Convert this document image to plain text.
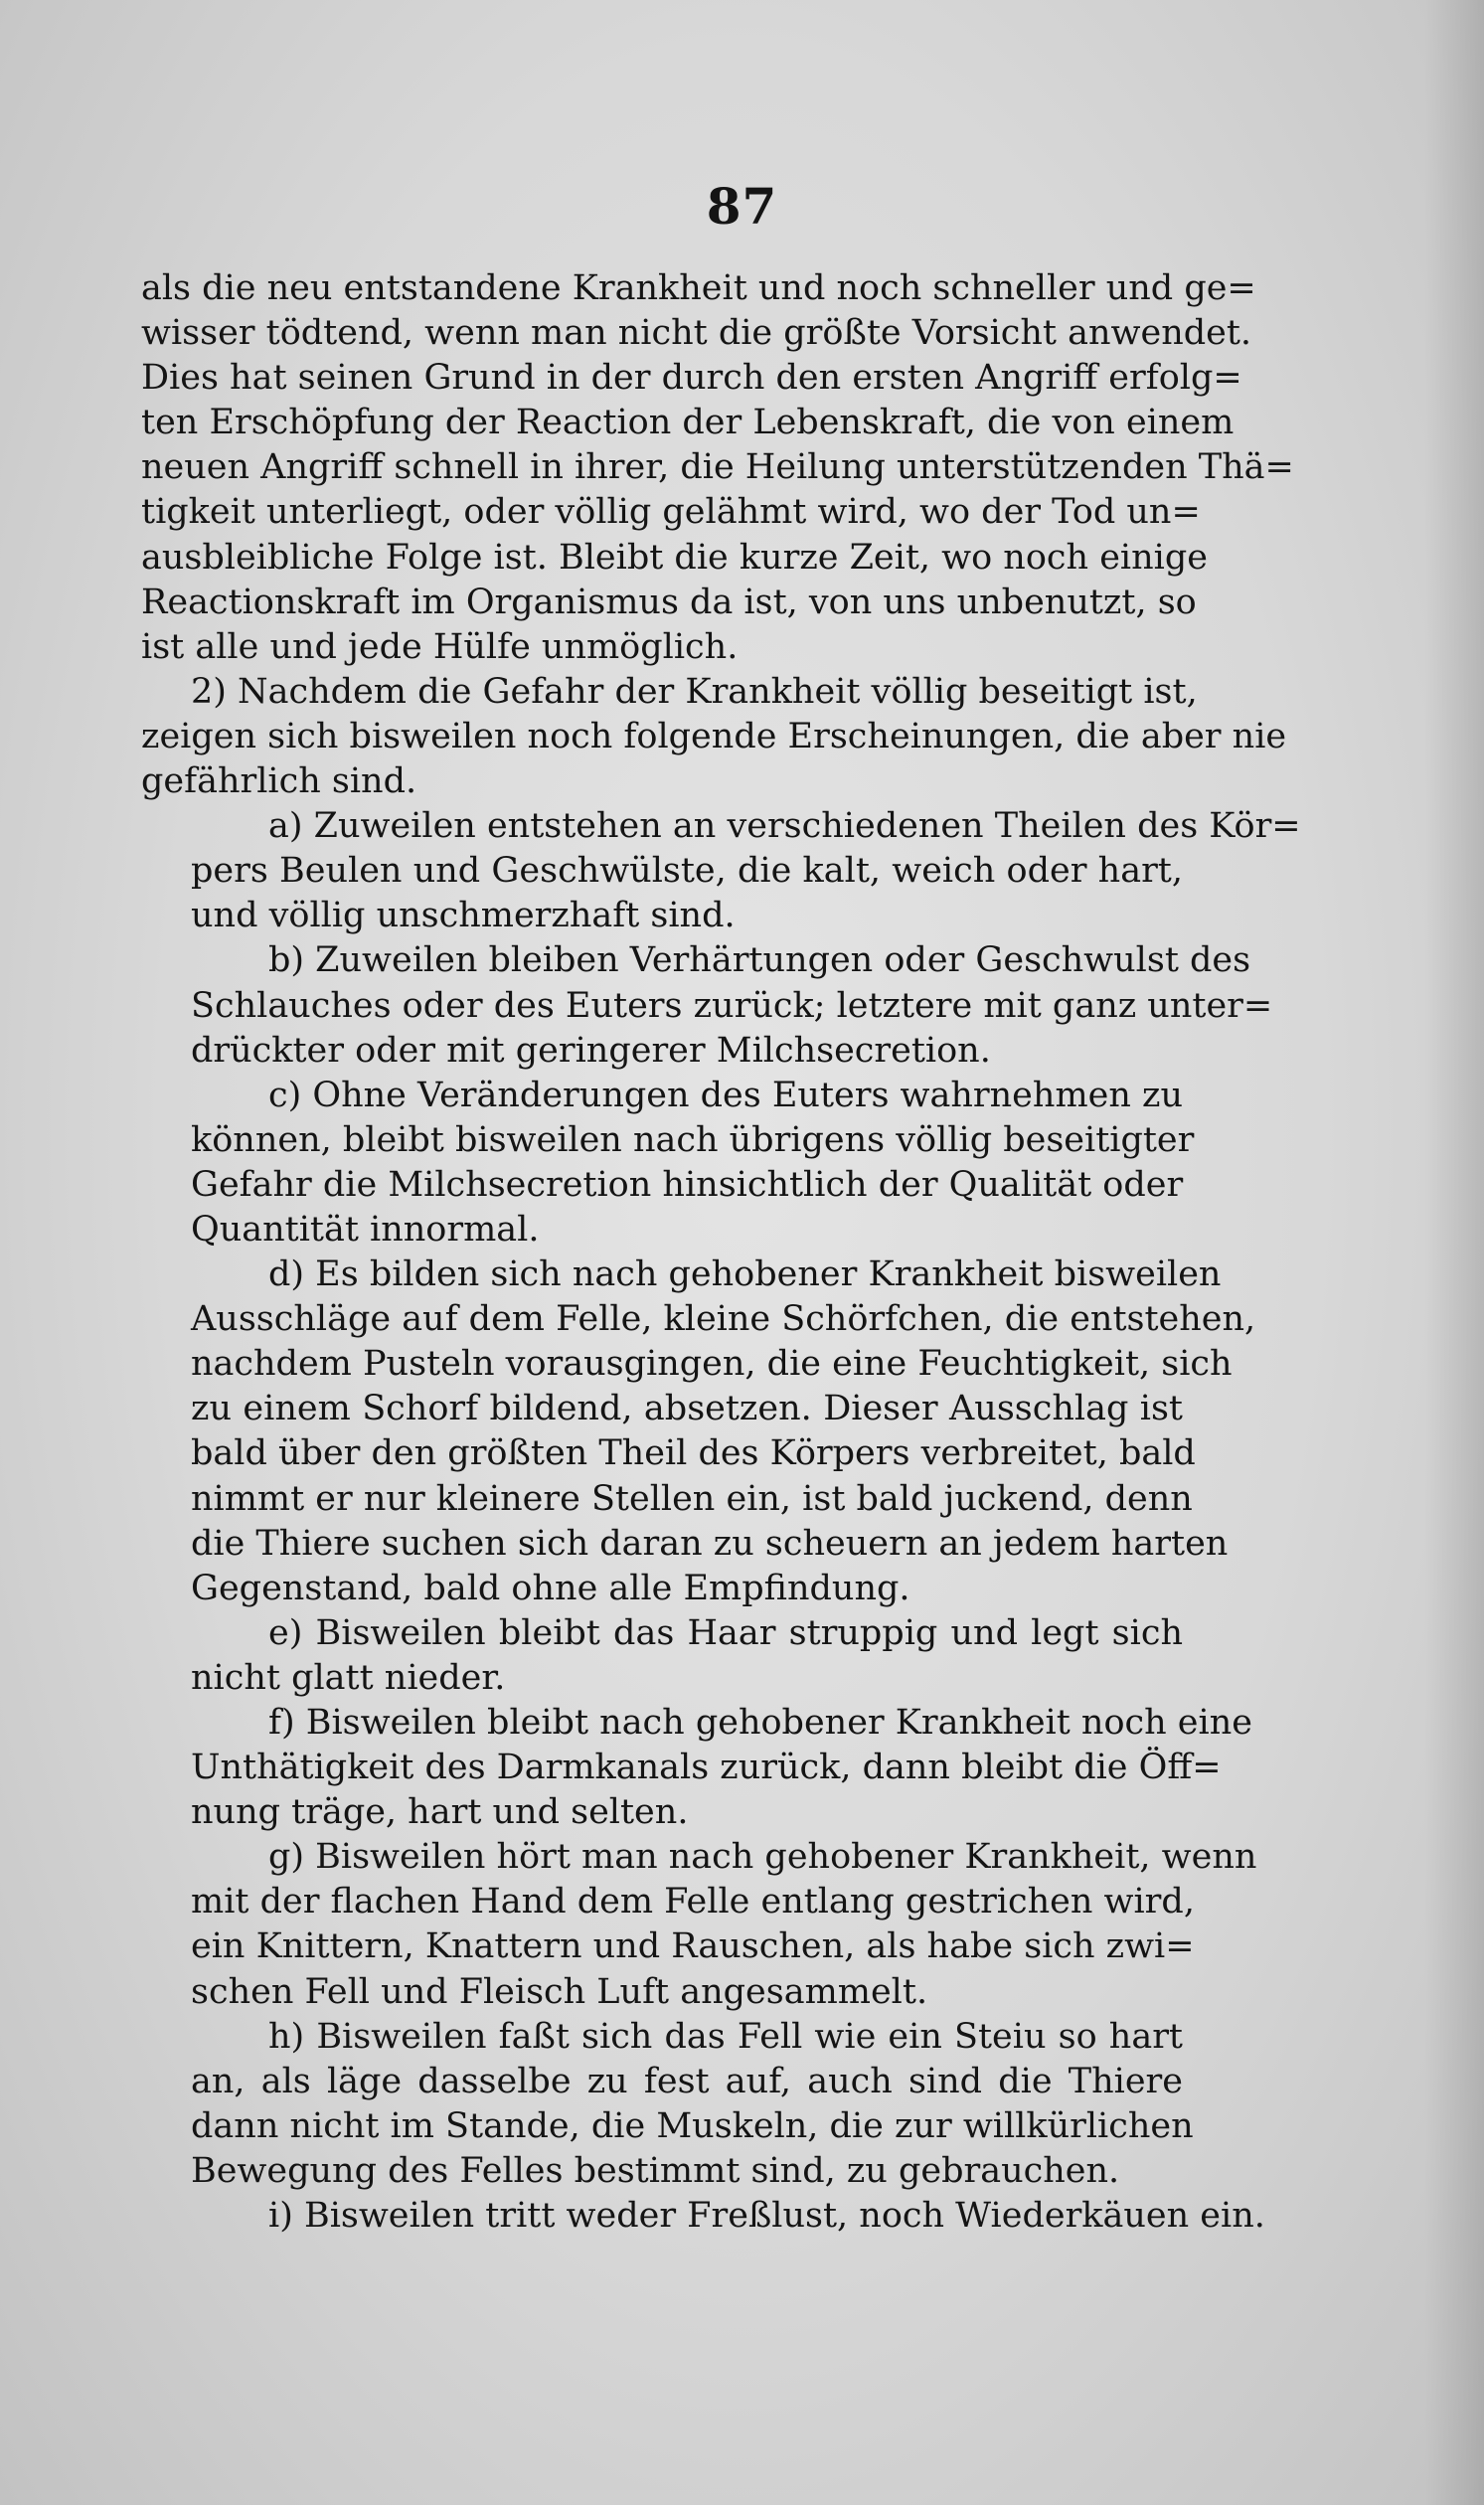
87
als die neu entstandene Krankheit und noch schneller und ge=
wisser tödtend, wenn man nicht die größte Vorsicht anwendet.
Dies hat seinen Grund in der durch den ersten Angriff erfolg=
ten Erschöpfung der Reaction der Lebenskraft, die von einem
neuen Angriff schnell in ihrer, die Heilung unterstützenden Thä=
tigkeit unterliegt, oder völlig gelähmt wird, wo der Tod un=
ausbleibliche Folge ist. Bleibt die kurze Zeit, wo noch einige
Reactionskraft im Organismus da ist, von uns unbenutzt, so
ist alle und jede Hülfe unmöglich.
2) Nachdem die Gefahr der Krankheit völlig beseitigt ist,
zeigen sich bisweilen noch folgende Erscheinungen, die aber nie
gefährlich sind.
a) Zuweilen entstehen an verschiedenen Theilen des Kör=
pers Beulen und Geschwülste, die kalt, weich oder hart,
und völlig unschmerzhaft sind.
b) Zuweilen bleiben Verhärtungen oder Geschwulst des
Schlauches oder des Euters zurück; letztere mit ganz unter=
drückter oder mit geringerer Milchsecretion.
c) Ohne Veränderungen des Euters wahrnehmen zu
können, bleibt bisweilen nach übrigens völlig beseitigter
Gefahr die Milchsecretion hinsichtlich der Qualität oder
Quantität innormal.
d) Es bilden sich nach gehobener Krankheit bisweilen
Ausschläge auf dem Felle, kleine Schörfchen, die entstehen,
nachdem Pusteln vorausgingen, die eine Feuchtigkeit, sich
zu einem Schorf bildend, absetzen. Dieser Ausschlag ist
bald über den größten Theil des Körpers verbreitet, bald
nimmt er nur kleinere Stellen ein, ist bald juckend, denn
die Thiere suchen sich daran zu scheuern an jedem harten
Gegenstand, bald ohne alle Empfindung.
e) Bisweilen bleibt das Haar struppig und legt sich
nicht glatt nieder.
f) Bisweilen bleibt nach gehobener Krankheit noch eine
Unthätigkeit des Darmkanals zurück, dann bleibt die Öff=
nung träge, hart und selten.
g) Bisweilen hört man nach gehobener Krankheit, wenn
mit der flachen Hand dem Felle entlang gestrichen wird,
ein Knittern, Knattern und Rauschen, als habe sich zwi=
schen Fell und Fleisch Luft angesammelt.
h) Bisweilen faßt sich das Fell wie ein Steiu so hart
an, als läge dasselbe zu fest auf, auch sind die Thiere
dann nicht im Stande, die Muskeln, die zur willkürlichen
Bewegung des Felles bestimmt sind, zu gebrauchen.
i) Bisweilen tritt weder Freßlust, noch Wiederkäuen ein.
